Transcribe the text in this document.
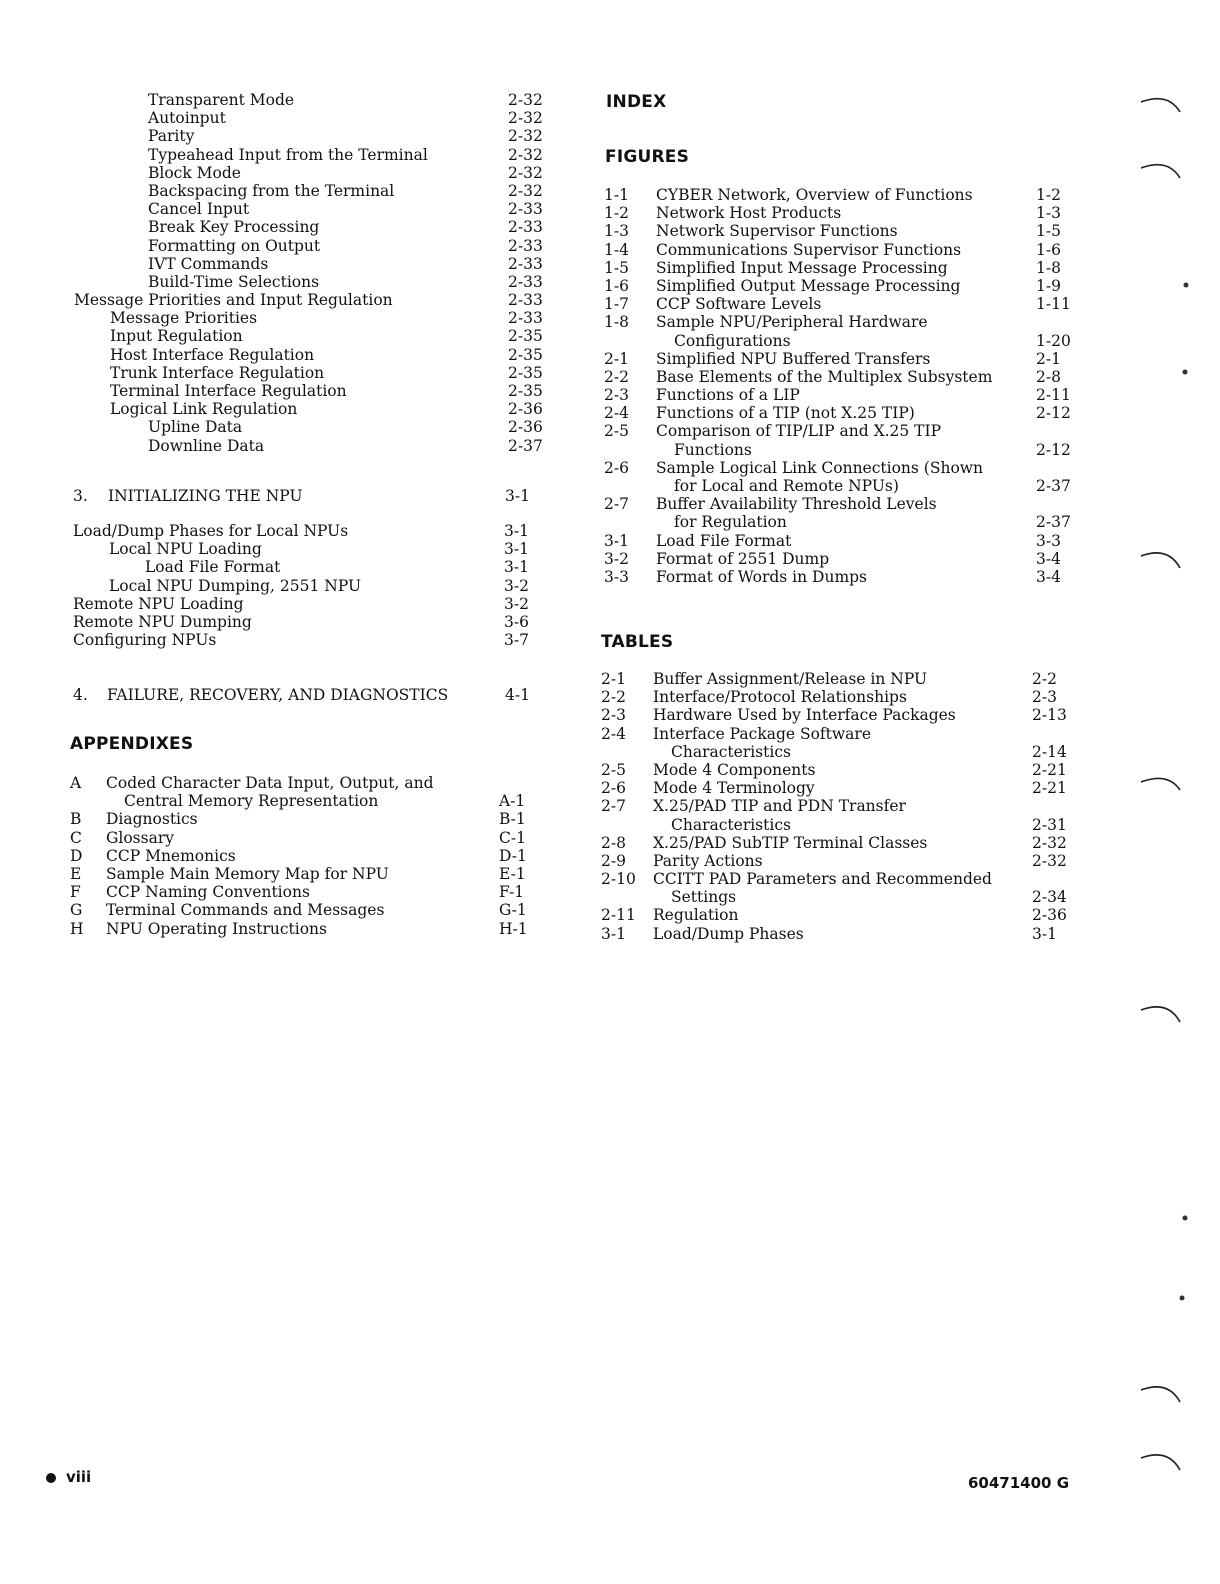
Transparent Mode	2-32
Autoinput	2-32
Parity	2-32
Typeahead Input from the Terminal	2-32
Block Mode	2-32
Backspacing from the Terminal	2-32
Cancel Input	2-33
Break Key Processing	2-33
Formatting on Output	2-33
IVT Commands	2-33
Build-Time Selections	2-33
Message Priorities and Input Regulation	2-33
Message Priorities	2-33
Input Regulation	2-35
Host Interface Regulation	2-35
Trunk Interface Regulation	2-35
Terminal Interface Regulation	2-35
Logical Link Regulation	2-36
Upline Data	2-36
Downline Data	2-37
3. INITIALIZING THE NPU	3-1
Load/Dump Phases for Local NPUs	3-1
Local NPU Loading	3-1
Load File Format	3-1
Local NPU Dumping, 2551 NPU	3-2
Remote NPU Loading	3-2
Remote NPU Dumping	3-6
Configuring NPUs	3-7
4. FAILURE, RECOVERY, AND DIAGNOSTICS	4-1
APPENDIXES
A Coded Character Data Input, Output, and
Central Memory Representation	A-1
B Diagnostics	B-1
C Glossary	C-1
D CCP Mnemonics	D-1
E Sample Main Memory Map for NPU	E-1
F CCP Naming Conventions	F-1
G Terminal Commands and Messages	G-1
H NPU Operating Instructions	H-1
INDEX
FIGURES
1-1 CYBER Network, Overview of Functions	1-2
1-2 Network Host Products	1-3
1-3 Network Supervisor Functions	1-5
1-4 Communications Supervisor Functions	1-6
1-5 Simplified Input Message Processing	1-8
1-6 Simplified Output Message Processing	1-9
1-7 CCP Software Levels	1-11
1-8 Sample NPU/Peripheral Hardware
Configurations	1-20
2-1 Simplified NPU Buffered Transfers	2-1
2-2 Base Elements of the Multiplex Subsystem	2-8
2-3 Functions of a LIP	2-11
2-4 Functions of a TIP (not X.25 TIP)	2-12
2-5 Comparison of TIP/LIP and X.25 TIP
Functions	2-12
2-6 Sample Logical Link Connections (Shown
for Local and Remote NPUs)	2-37
2-7 Buffer Availability Threshold Levels
for Regulation	2-37
3-1 Load File Format	3-3
3-2 Format of 2551 Dump	3-4
3-3 Format of Words in Dumps	3-4
TABLES
2-1 Buffer Assignment/Release in NPU	2-2
2-2 Interface/Protocol Relationships	2-3
2-3 Hardware Used by Interface Packages	2-13
2-4 Interface Package Software
Characteristics	2-14
2-5 Mode 4 Components	2-21
2-6 Mode 4 Terminology	2-21
2-7 X.25/PAD TIP and PDN Transfer
Characteristics	2-31
2-8 X.25/PAD SubTIP Terminal Classes	2-32
2-9 Parity Actions	2-32
2-10 CCITT PAD Parameters and Recommended
Settings	2-34
2-11 Regulation	2-36
3-1 Load/Dump Phases	3-1
viii	60471400 G
